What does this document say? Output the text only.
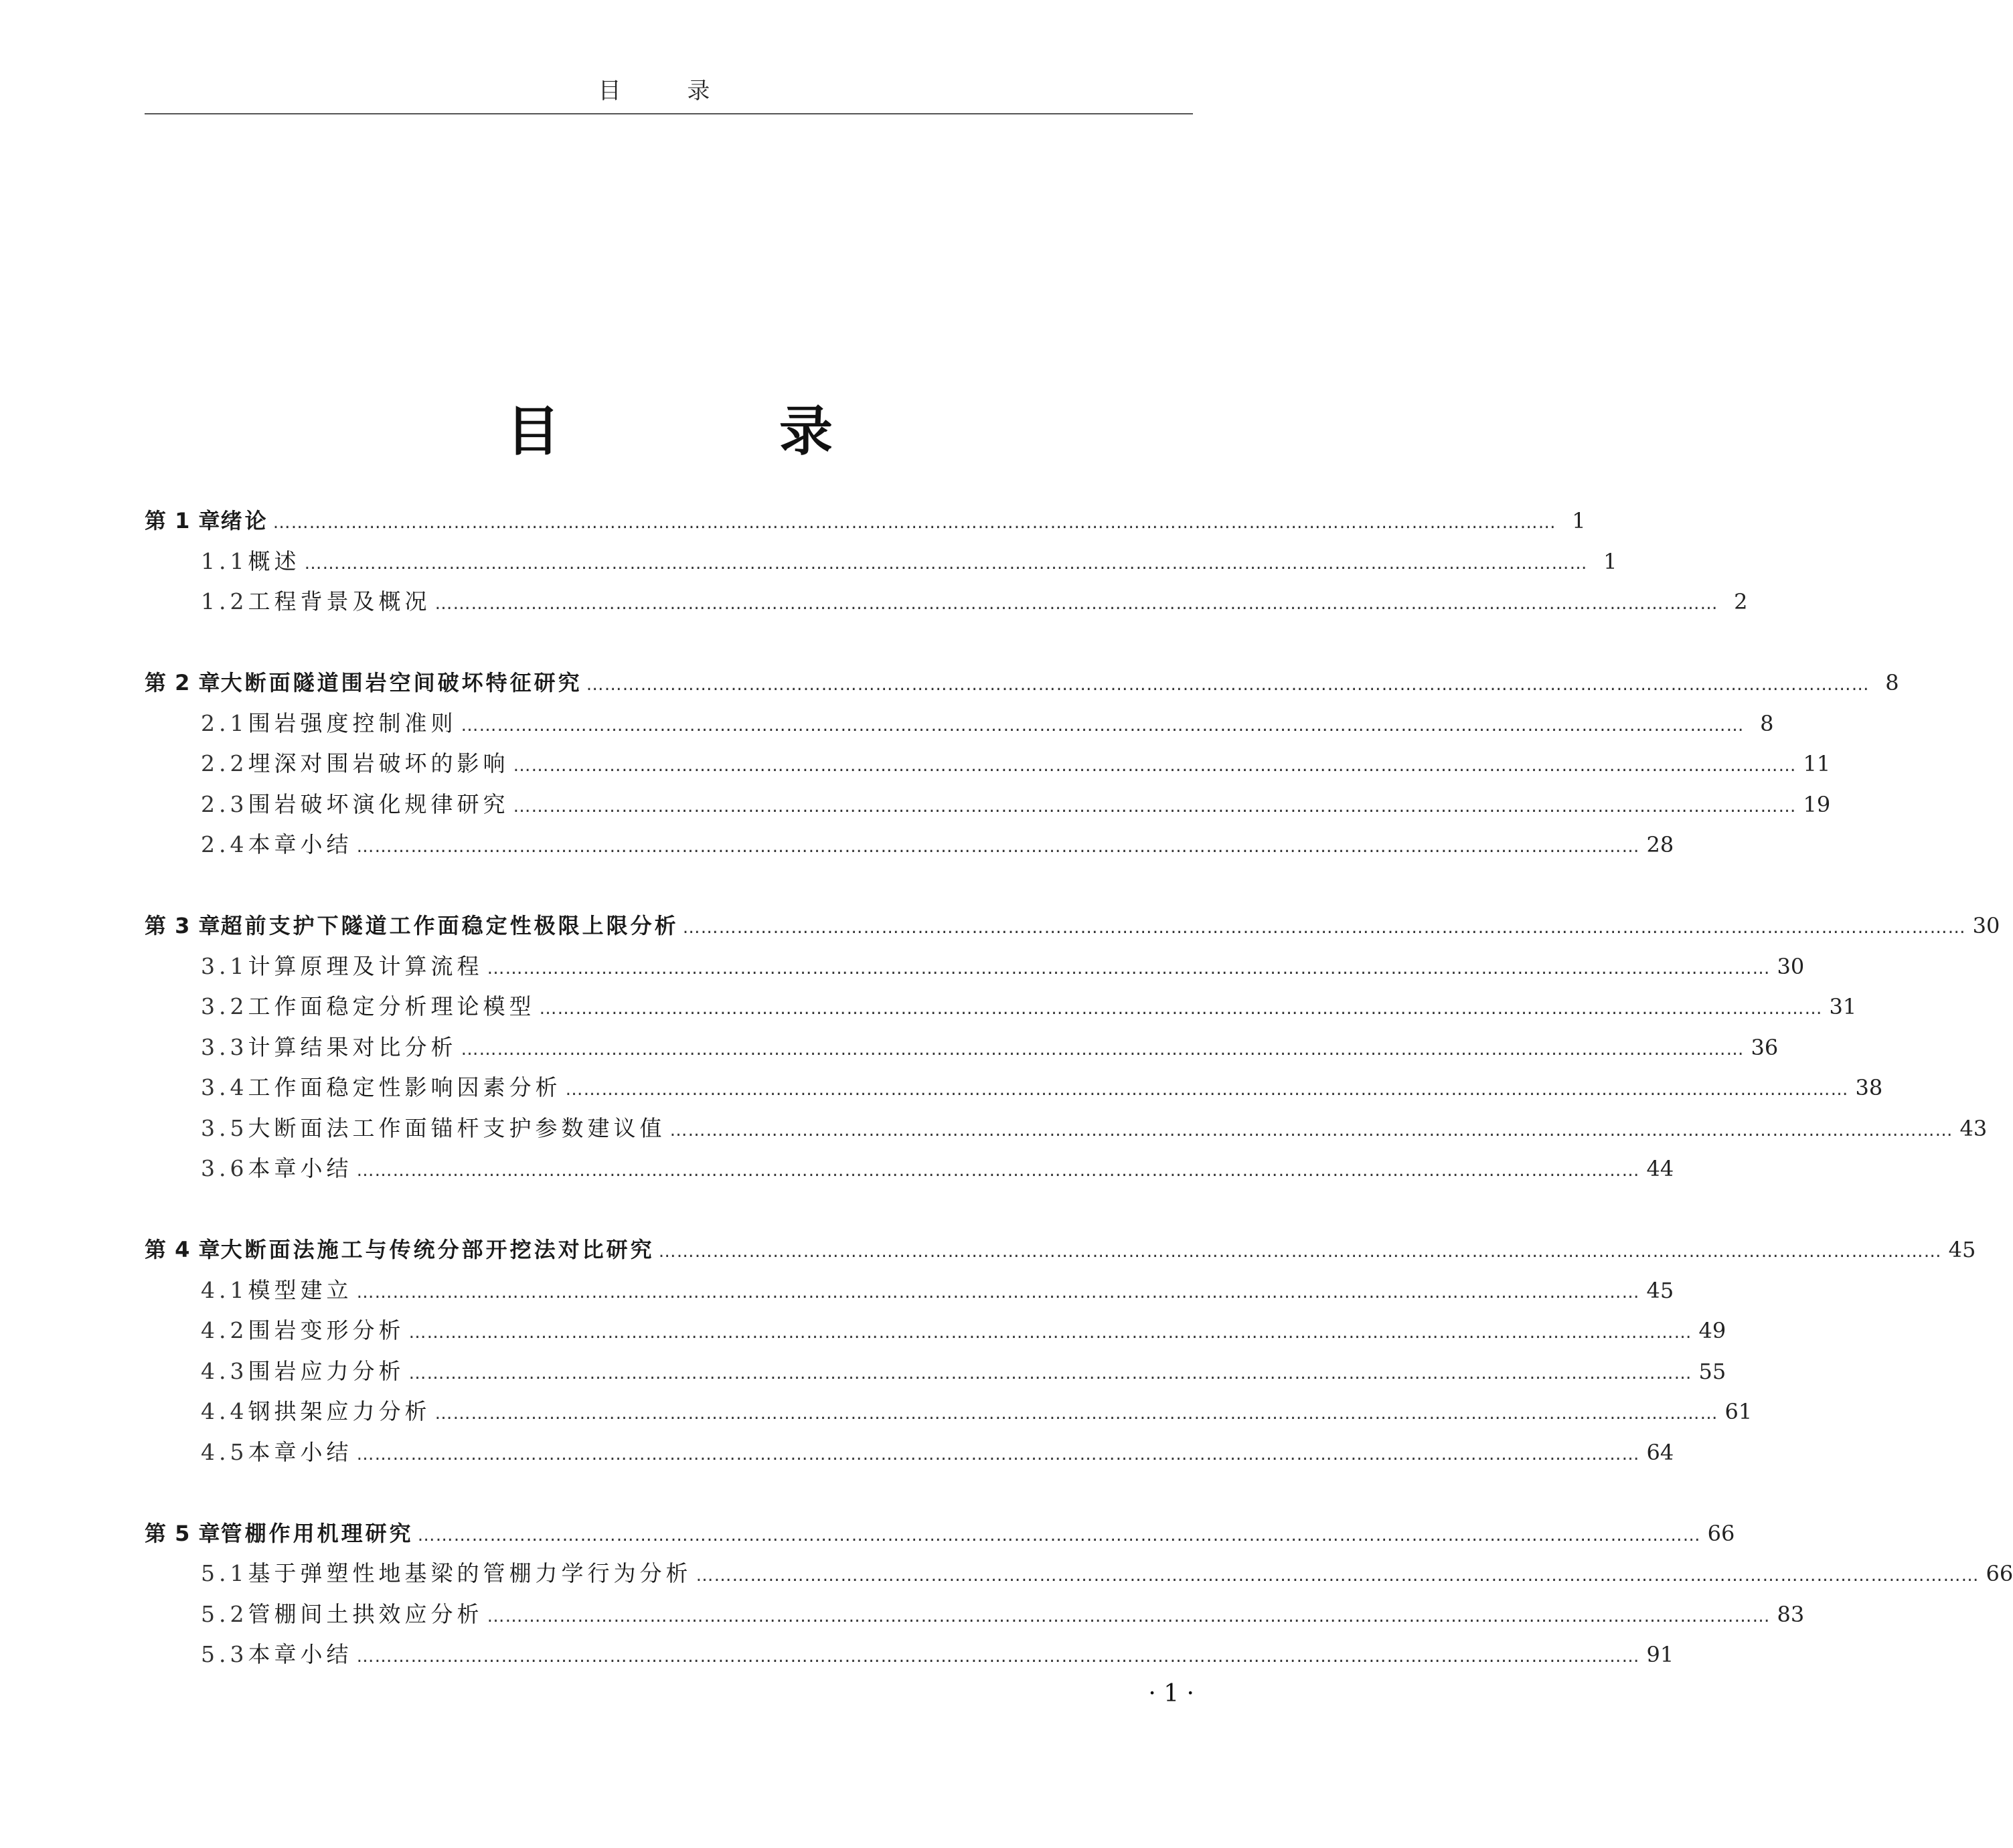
目 录
目 录
第 1 章 绪论 …………………………………………………………………………………………………………………………………………………………………………………………… 1
1.1 概述 …………………………………………………………………………………………………………………………………………………………………………………………… 1
1.2 工程背景及概况 …………………………………………………………………………………………………………………………………………………………………………………………… 2
第 2 章 大断面隧道围岩空间破坏特征研究 …………………………………………………………………………………………………………………………………………………………………………………………… 8
2.1 围岩强度控制准则 …………………………………………………………………………………………………………………………………………………………………………………………… 8
2.2 埋深对围岩破坏的影响 …………………………………………………………………………………………………………………………………………………………………………………………… 11
2.3 围岩破坏演化规律研究 …………………………………………………………………………………………………………………………………………………………………………………………… 19
2.4 本章小结 …………………………………………………………………………………………………………………………………………………………………………………………… 28
第 3 章 超前支护下隧道工作面稳定性极限上限分析 …………………………………………………………………………………………………………………………………………………………………………………………… 30
3.1 计算原理及计算流程 …………………………………………………………………………………………………………………………………………………………………………………………… 30
3.2 工作面稳定分析理论模型 …………………………………………………………………………………………………………………………………………………………………………………………… 31
3.3 计算结果对比分析 …………………………………………………………………………………………………………………………………………………………………………………………… 36
3.4 工作面稳定性影响因素分析 …………………………………………………………………………………………………………………………………………………………………………………………… 38
3.5 大断面法工作面锚杆支护参数建议值 …………………………………………………………………………………………………………………………………………………………………………………………… 43
3.6 本章小结 …………………………………………………………………………………………………………………………………………………………………………………………… 44
第 4 章 大断面法施工与传统分部开挖法对比研究 …………………………………………………………………………………………………………………………………………………………………………………………… 45
4.1 模型建立 …………………………………………………………………………………………………………………………………………………………………………………………… 45
4.2 围岩变形分析 …………………………………………………………………………………………………………………………………………………………………………………………… 49
4.3 围岩应力分析 …………………………………………………………………………………………………………………………………………………………………………………………… 55
4.4 钢拱架应力分析 …………………………………………………………………………………………………………………………………………………………………………………………… 61
4.5 本章小结 …………………………………………………………………………………………………………………………………………………………………………………………… 64
第 5 章 管棚作用机理研究 …………………………………………………………………………………………………………………………………………………………………………………………… 66
5.1 基于弹塑性地基梁的管棚力学行为分析 …………………………………………………………………………………………………………………………………………………………………………………………… 66
5.2 管棚间土拱效应分析 …………………………………………………………………………………………………………………………………………………………………………………………… 83
5.3 本章小结 …………………………………………………………………………………………………………………………………………………………………………………………… 91
· 1 ·
